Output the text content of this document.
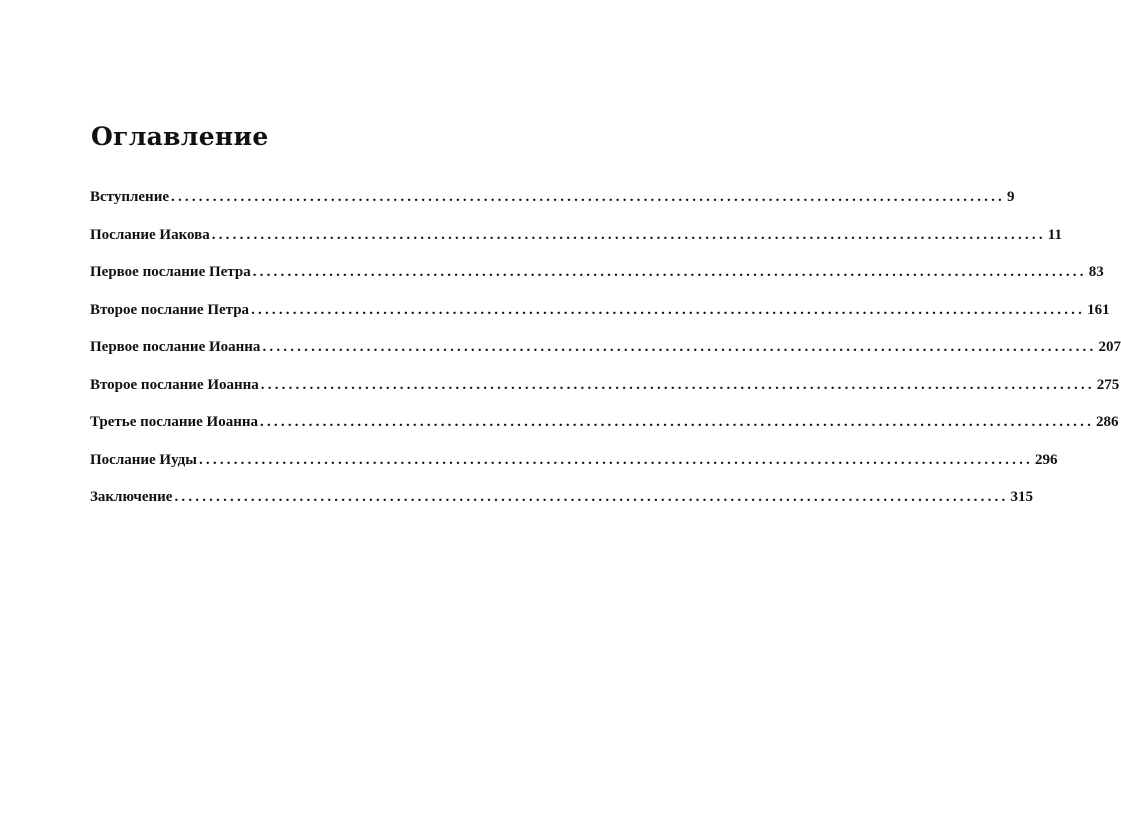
Оглавление
Вступление ........................................................................................................................ 9
Послание Иакова ........................................................................................................................ 11
Первое послание Петра ........................................................................................................................ 83
Второе послание Петра ........................................................................................................................ 161
Первое послание Иоанна ........................................................................................................................ 207
Второе послание Иоанна ........................................................................................................................ 275
Третье послание Иоанна ........................................................................................................................ 286
Послание Иуды ........................................................................................................................ 296
Заключение ........................................................................................................................ 315
